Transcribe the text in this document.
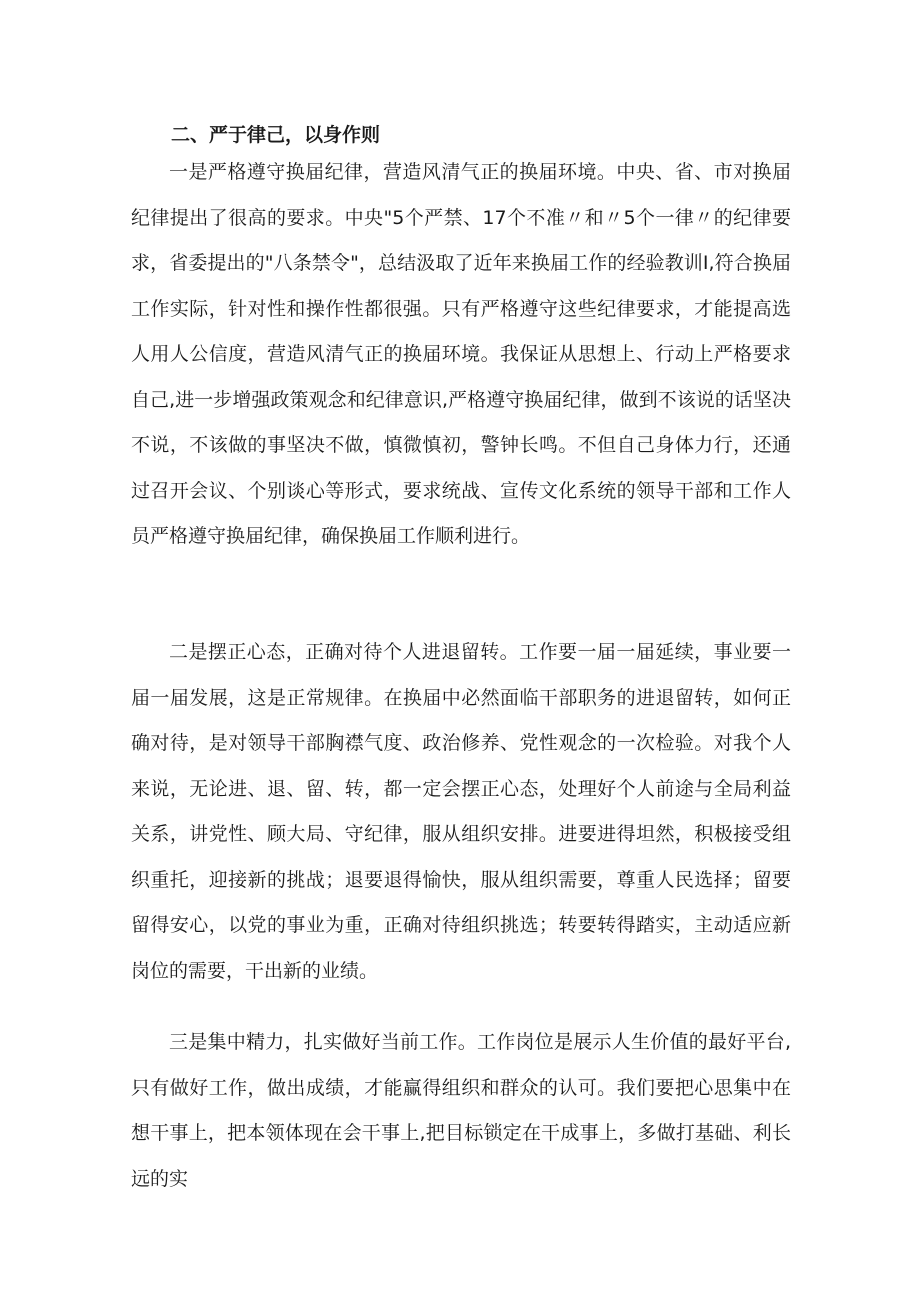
二、严于律己，以身作则

一是严格遵守换届纪律，营造风清气正的换届环境。中央、省、市对换届纪律提出了很高的要求。中央"5个严禁、17个不准〃和〃5个一律〃的纪律要求，省委提出的"八条禁令"，总结汲取了近年来换届工作的经验教训I,符合换届工作实际，针对性和操作性都很强。只有严格遵守这些纪律要求，才能提高选人用人公信度，营造风清气正的换届环境。我保证从思想上、行动上严格要求自己,进一步增强政策观念和纪律意识,严格遵守换届纪律，做到不该说的话坚决不说，不该做的事坚决不做，慎微慎初，警钟长鸣。不但自己身体力行，还通过召开会议、个别谈心等形式，要求统战、宣传文化系统的领导干部和工作人员严格遵守换届纪律，确保换届工作顺利进行。

二是摆正心态，正确对待个人进退留转。工作要一届一届延续，事业要一届一届发展，这是正常规律。在换届中必然面临干部职务的进退留转，如何正确对待，是对领导干部胸襟气度、政治修养、党性观念的一次检验。对我个人来说，无论进、退、留、转，都一定会摆正心态，处理好个人前途与全局利益关系，讲党性、顾大局、守纪律，服从组织安排。进要进得坦然，积极接受组织重托，迎接新的挑战；退要退得愉快，服从组织需要，尊重人民选择；留要留得安心，以党的事业为重，正确对待组织挑选；转要转得踏实，主动适应新岗位的需要，干出新的业绩。

三是集中精力，扎实做好当前工作。工作岗位是展示人生价值的最好平台,只有做好工作，做出成绩，才能赢得组织和群众的认可。我们要把心思集中在想干事上，把本领体现在会干事上,把目标锁定在干成事上，多做打基础、利长远的实
